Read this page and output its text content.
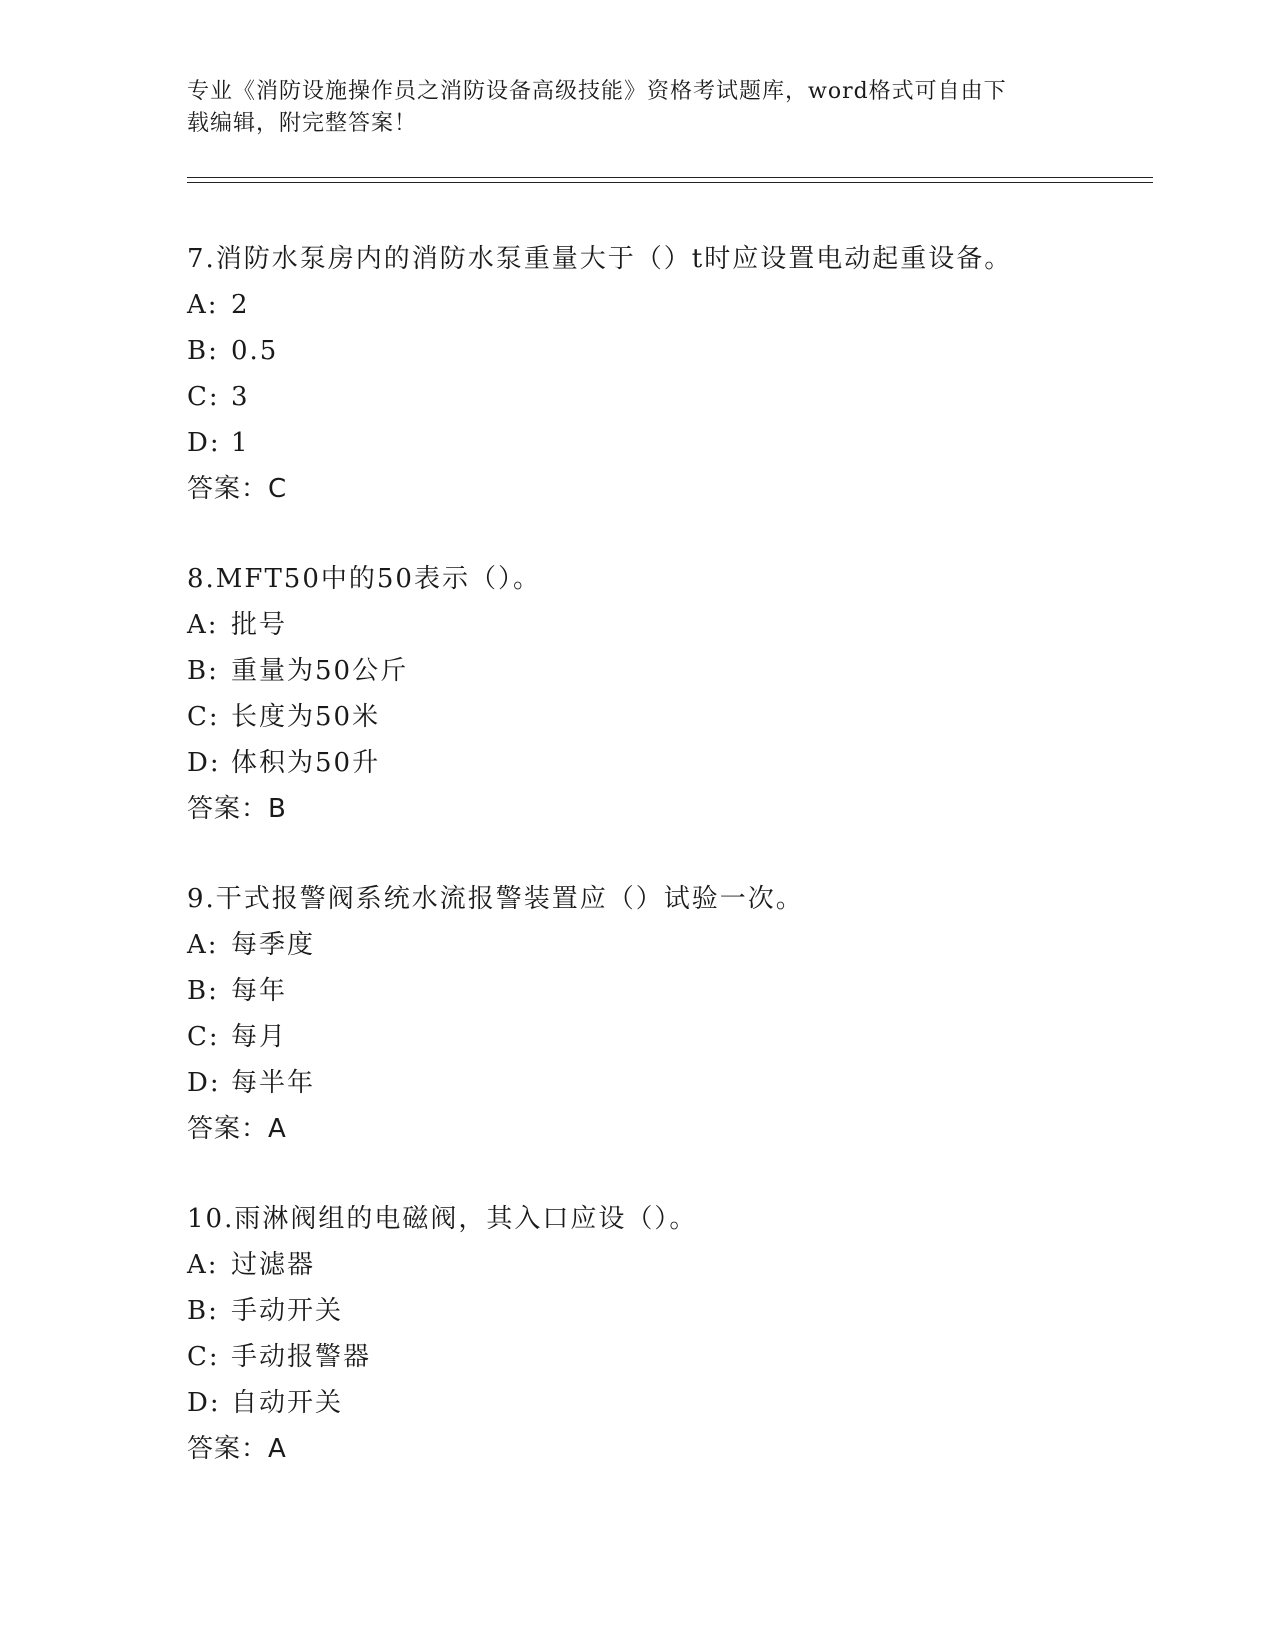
专业《消防设施操作员之消防设备高级技能》资格考试题库，word格式可自由下
载编辑，附完整答案！
7.消防水泵房内的消防水泵重量大于（）t时应设置电动起重设备。
A: 2
B: 0.5
C: 3
D: 1
答案：C
8.MFT50中的50表示（）。
A: 批号
B: 重量为50公斤
C: 长度为50米
D: 体积为50升
答案：B
9.干式报警阀系统水流报警装置应（）试验一次。
A: 每季度
B: 每年
C: 每月
D: 每半年
答案：A
10.雨淋阀组的电磁阀，其入口应设（）。
A: 过滤器
B: 手动开关
C: 手动报警器
D: 自动开关
答案：A
